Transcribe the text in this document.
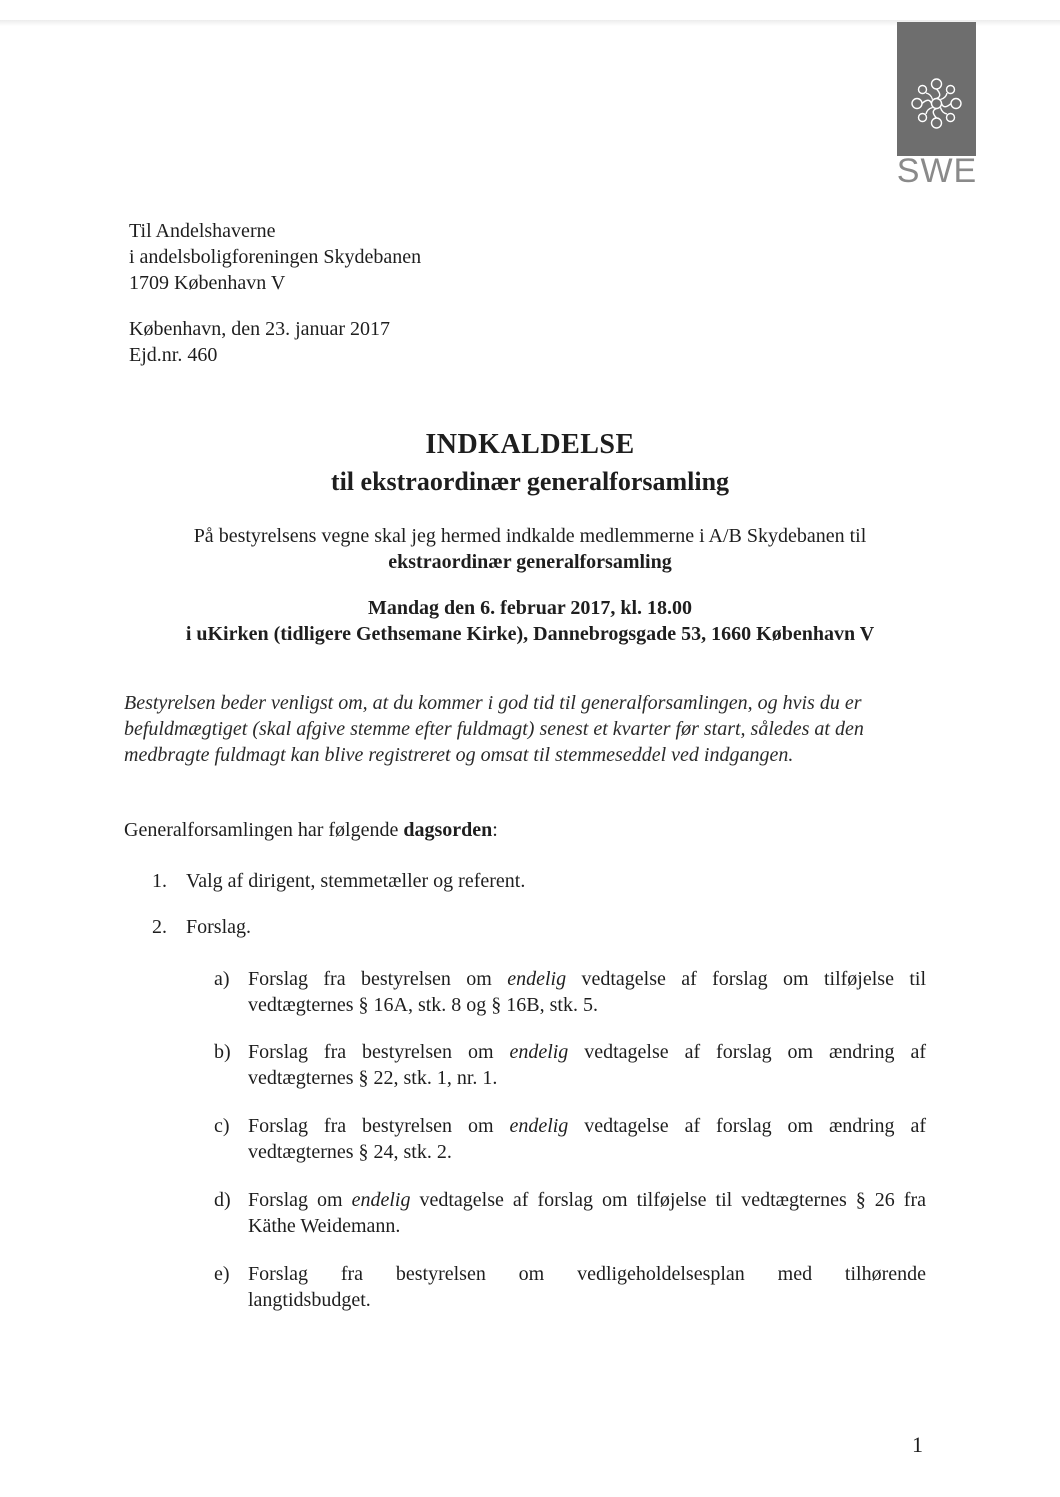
SWE
Til Andelshaverne
i andelsboligforeningen Skydebanen
1709 København V
København, den 23. januar 2017
Ejd.nr. 460
INDKALDELSE
til ekstraordinær generalforsamling
På bestyrelsens vegne skal jeg hermed indkalde medlemmerne i A/B Skydebanen til
ekstraordinær generalforsamling
Mandag den 6. februar 2017, kl. 18.00
i uKirken (tidligere Gethsemane Kirke), Dannebrogsgade 53, 1660 København V
Bestyrelsen beder venligst om, at du kommer i god tid til generalforsamlingen, og hvis du er
befuldmægtiget (skal afgive stemme efter fuldmagt) senest et kvarter før start, således at den
medbragte fuldmagt kan blive registreret og omsat til stemmeseddel ved indgangen.
Generalforsamlingen har følgende dagsorden:
1. Valg af dirigent, stemmetæller og referent.
2. Forslag.
a) Forslag fra bestyrelsen om endelig vedtagelse af forslag om tilføjelse til
vedtægternes § 16A, stk. 8 og § 16B, stk. 5.
b) Forslag fra bestyrelsen om endelig vedtagelse af forslag om ændring af
vedtægternes § 22, stk. 1, nr. 1.
c) Forslag fra bestyrelsen om endelig vedtagelse af forslag om ændring af
vedtægternes § 24, stk. 2.
d) Forslag om endelig vedtagelse af forslag om tilføjelse til vedtægternes § 26 fra
Käthe Weidemann.
e) Forslag fra bestyrelsen om vedligeholdelsesplan med tilhørende
langtidsbudget.
1
